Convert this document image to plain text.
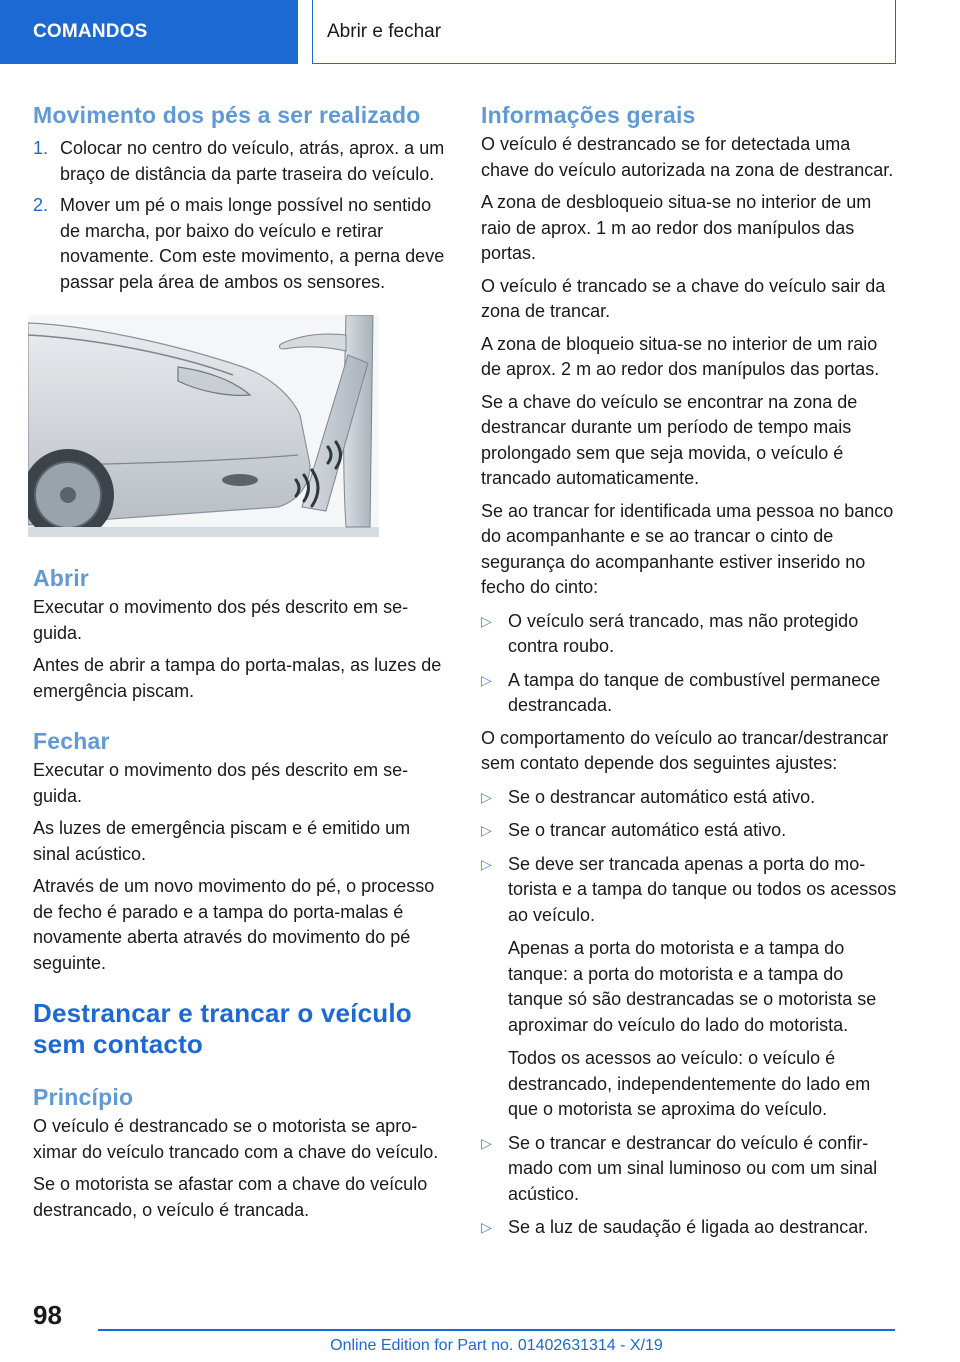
COMANDOS	Abrir e fechar
Movimento dos pés a ser realizado
1. Colocar no centro do veículo, atrás, aprox. a um braço de distância da parte traseira do veículo.
2. Mover um pé o mais longe possível no sentido de marcha, por baixo do veículo e retirar novamente. Com este movimento, a perna deve passar pela área de ambos os sensores.
Abrir
Executar o movimento dos pés descrito em seguida.
Antes de abrir a tampa do porta-malas, as luzes de emergência piscam.
Fechar
Executar o movimento dos pés descrito em seguida.
As luzes de emergência piscam e é emitido um sinal acústico.
Através de um novo movimento do pé, o processo de fecho é parado e a tampa do porta-malas é novamente aberta através do movimento do pé seguinte.
Destrancar e trancar o veículo sem contacto
Princípio
O veículo é destrancado se o motorista se aproximar do veículo trancado com a chave do veículo.
Se o motorista se afastar com a chave do veículo destrancado, o veículo é trancada.
Informações gerais
O veículo é destrancado se for detectada uma chave do veículo autorizada na zona de destrancar.
A zona de desbloqueio situa-se no interior de um raio de aprox. 1 m ao redor dos manípulos das portas.
O veículo é trancado se a chave do veículo sair da zona de trancar.
A zona de bloqueio situa-se no interior de um raio de aprox. 2 m ao redor dos manípulos das portas.
Se a chave do veículo se encontrar na zona de destrancar durante um período de tempo mais prolongado sem que seja movida, o veículo é trancado automaticamente.
Se ao trancar for identificada uma pessoa no banco do acompanhante e se ao trancar o cinto de segurança do acompanhante estiver inserido no fecho do cinto:
▷ O veículo será trancado, mas não protegido contra roubo.
▷ A tampa do tanque de combustível permanece destrancada.
O comportamento do veículo ao trancar/destrancar sem contato depende dos seguintes ajustes:
▷ Se o destrancar automático está ativo.
▷ Se o trancar automático está ativo.
▷ Se deve ser trancada apenas a porta do motorista e a tampa do tanque ou todos os acessos ao veículo.
Apenas a porta do motorista e a tampa do tanque: a porta do motorista e a tampa do tanque só são destrancadas se o motorista se aproximar do veículo do lado do motorista.
Todos os acessos ao veículo: o veículo é destrancado, independentemente do lado em que o motorista se aproxima do veículo.
▷ Se o trancar e destrancar do veículo é confirmado com um sinal luminoso ou com um sinal acústico.
▷ Se a luz de saudação é ligada ao destrancar.
98
Online Edition for Part no. 01402631314 - X/19
